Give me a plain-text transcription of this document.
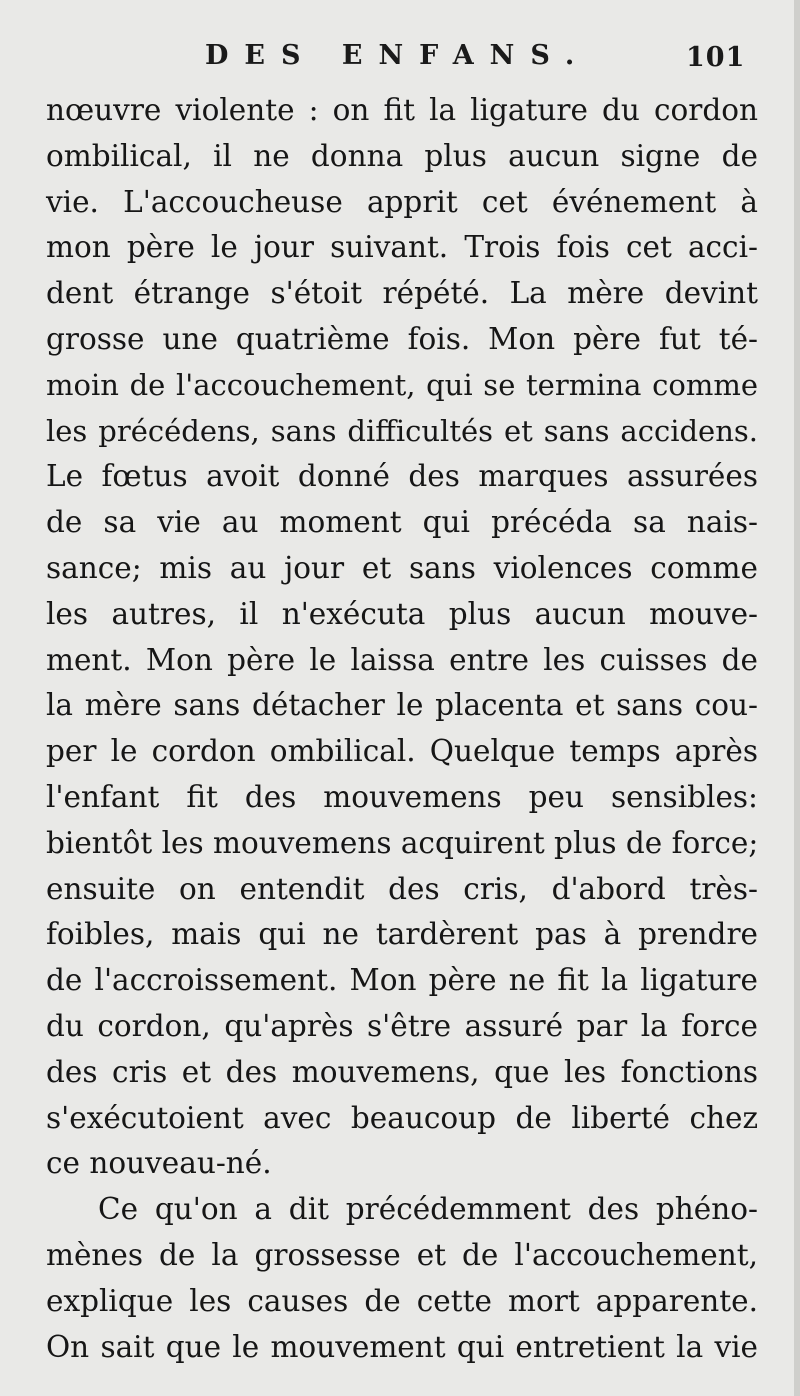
DES ENFANS.	101
nœuvre violente : on fit la ligature du cordon
ombilical, il ne donna plus aucun signe de
vie. L'accoucheuse apprit cet événement à
mon père le jour suivant. Trois fois cet acci-
dent étrange s'étoit répété. La mère devint
grosse une quatrième fois. Mon père fut té-
moin de l'accouchement, qui se termina comme
les précédens, sans difficultés et sans accidens.
Le fœtus avoit donné des marques assurées
de sa vie au moment qui précéda sa nais-
sance; mis au jour et sans violences comme
les autres, il n'exécuta plus aucun mouve-
ment. Mon père le laissa entre les cuisses de
la mère sans détacher le placenta et sans cou-
per le cordon ombilical. Quelque temps après
l'enfant fit des mouvemens peu sensibles:
bientôt les mouvemens acquirent plus de force;
ensuite on entendit des cris, d'abord très-
foibles, mais qui ne tardèrent pas à prendre
de l'accroissement. Mon père ne fit la ligature
du cordon, qu'après s'être assuré par la force
des cris et des mouvemens, que les fonctions
s'exécutoient avec beaucoup de liberté chez
ce nouveau-né.
Ce qu'on a dit précédemment des phéno-
mènes de la grossesse et de l'accouchement,
explique les causes de cette mort apparente.
On sait que le mouvement qui entretient la vie
